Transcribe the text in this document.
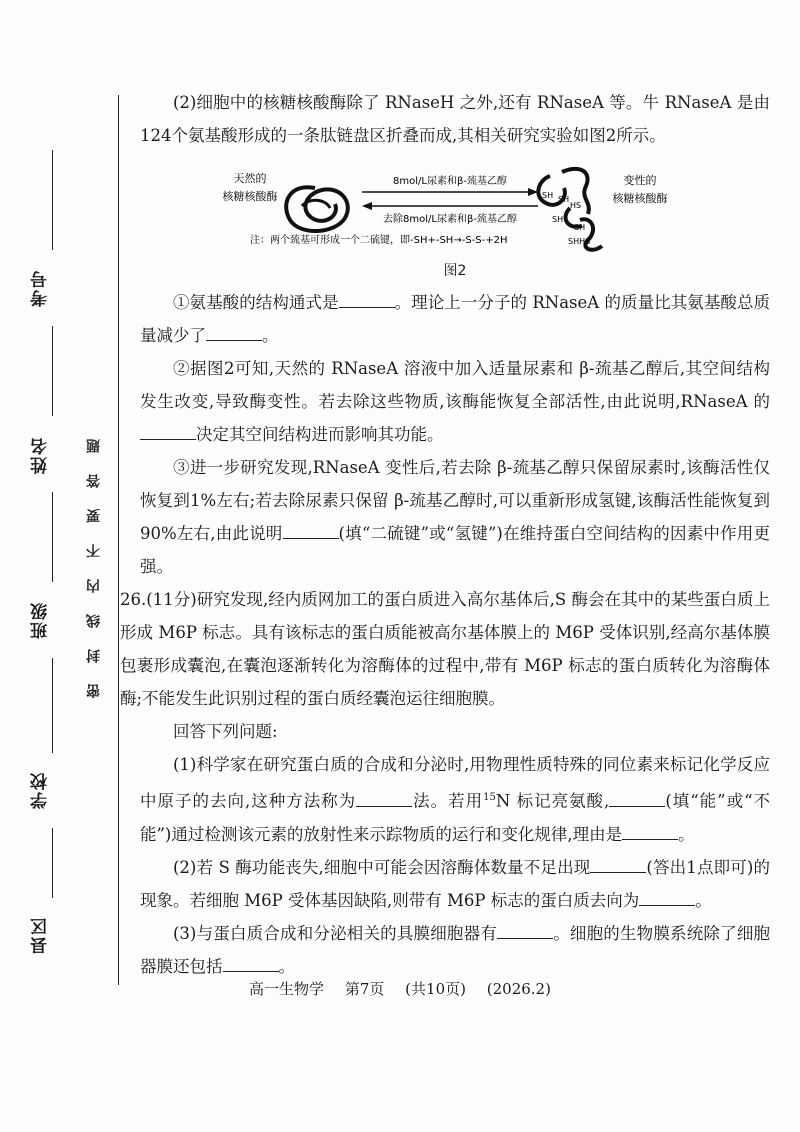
考号
姓名
班级
学校
县区
密封线内不要答题

(2)细胞中的核糖核酸酶除了 RNaseH 之外,还有 RNaseA 等。牛 RNaseA 是由124个氨基酸形成的一条肽链盘区折叠而成,其相关研究实验如图2所示。

天然的
核糖核酸酶
8mol/L尿素和β-巯基乙醇
去除8mol/L尿素和β-巯基乙醇
SH SH
HS
SH
SH
SHHS
变性的
核糖核酸酶
注：两个巯基可形成一个二硫键，即-SH+-SH→-S-S-+2H
图2

①氨基酸的结构通式是	。理论上一分子的 RNaseA 的质量比其氨基酸总质量减少了	。

②据图2可知,天然的 RNaseA 溶液中加入适量尿素和 β-巯基乙醇后,其空间结构发生改变,导致酶变性。若去除这些物质,该酶能恢复全部活性,由此说明,RNaseA 的决定其空间结构进而影响其功能。

③进一步研究发现,RNaseA 变性后,若去除 β-巯基乙醇只保留尿素时,该酶活性仅恢复到1%左右;若去除尿素只保留 β-巯基乙醇时,可以重新形成氢键,该酶活性能恢复到90%左右,由此说明	(填“二硫键”或“氢键”)在维持蛋白空间结构的因素中作用更强。

26.(11分)研究发现,经内质网加工的蛋白质进入高尔基体后,S 酶会在其中的某些蛋白质上形成 M6P 标志。具有该标志的蛋白质能被高尔基体膜上的 M6P 受体识别,经高尔基体膜包裹形成囊泡,在囊泡逐渐转化为溶酶体的过程中,带有 M6P 标志的蛋白质转化为溶酶体酶;不能发生此识别过程的蛋白质经囊泡运往细胞膜。

回答下列问题:

(1)科学家在研究蛋白质的合成和分泌时,用物理性质特殊的同位素来标记化学反应中原子的去向,这种方法称为	法。若用$^{15}$N 标记亮氨酸,	(填“能”或“不能”)通过检测该元素的放射性来示踪物质的运行和变化规律,理由是	。

(2)若 S 酶功能丧失,细胞中可能会因溶酶体数量不足出现	(答出1点即可)的现象。若细胞 M6P 受体基因缺陷,则带有 M6P 标志的蛋白质去向为	。

(3)与蛋白质合成和分泌相关的具膜细胞器有	。细胞的生物膜系统除了细胞器膜还包括	。

高一生物学 第7页 (共10页) (2026.2)
